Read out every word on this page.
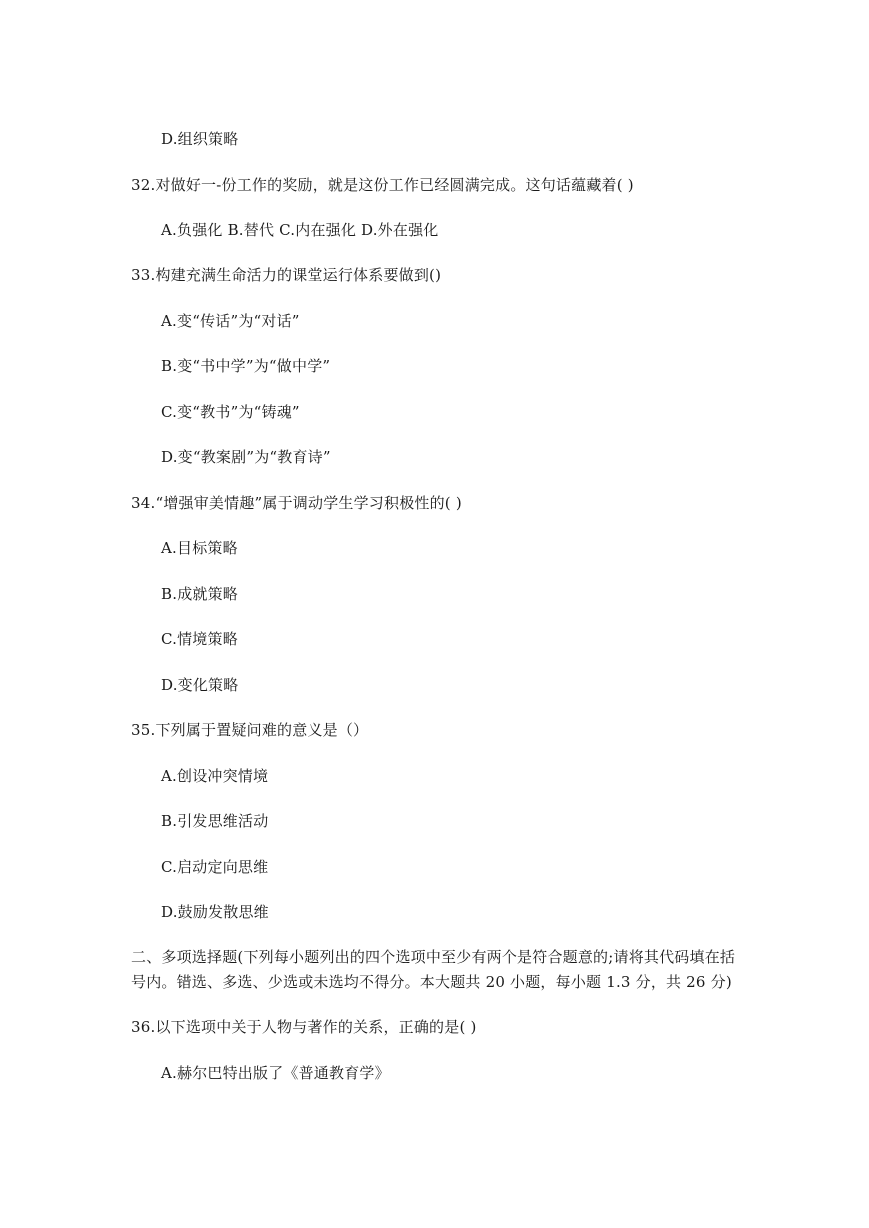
D.组织策略
32.对做好一-份工作的奖励，就是这份工作已经圆满完成。这句话蕴藏着( )
A.负强化 B.替代 C.内在强化 D.外在强化
33.构建充满生命活力的课堂运行体系要做到()
A.变“传话”为“对话”
B.变“书中学”为“做中学”
C.变“教书”为“铸魂”
D.变“教案剧”为“教育诗”
34.“增强审美情趣”属于调动学生学习积极性的( )
A.目标策略
B.成就策略
C.情境策略
D.变化策略
35.下列属于置疑问难的意义是（）
A.创设冲突情境
B.引发思维活动
C.启动定向思维
D.鼓励发散思维
二、多项选择题(下列每小题列出的四个选项中至少有两个是符合题意的;请将其代码填在括
号内。错选、多选、少选或未选均不得分。本大题共 20 小题，每小题 1.3 分，共 26 分)
36.以下选项中关于人物与著作的关系，正确的是( )
A.赫尔巴特出版了《普通教育学》
